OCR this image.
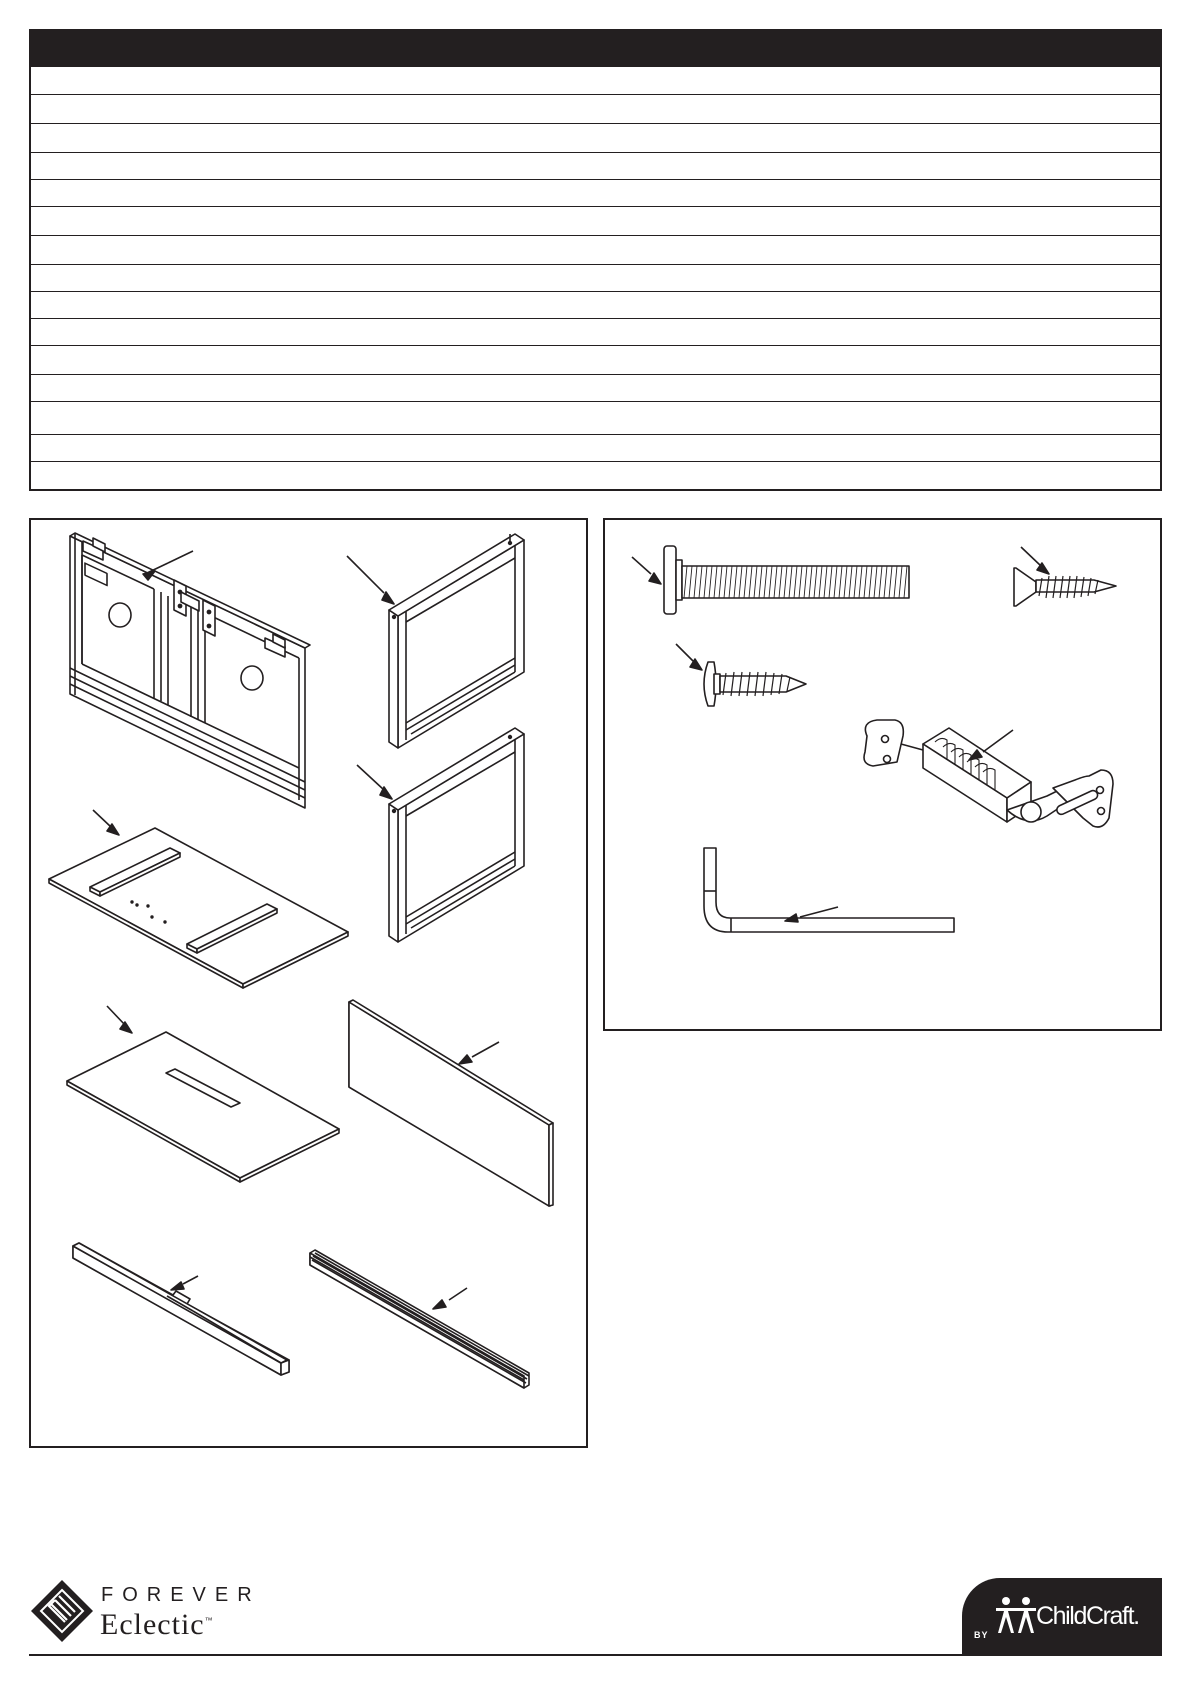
FOREVER
Eclectic™
BY
ChildCraft.
